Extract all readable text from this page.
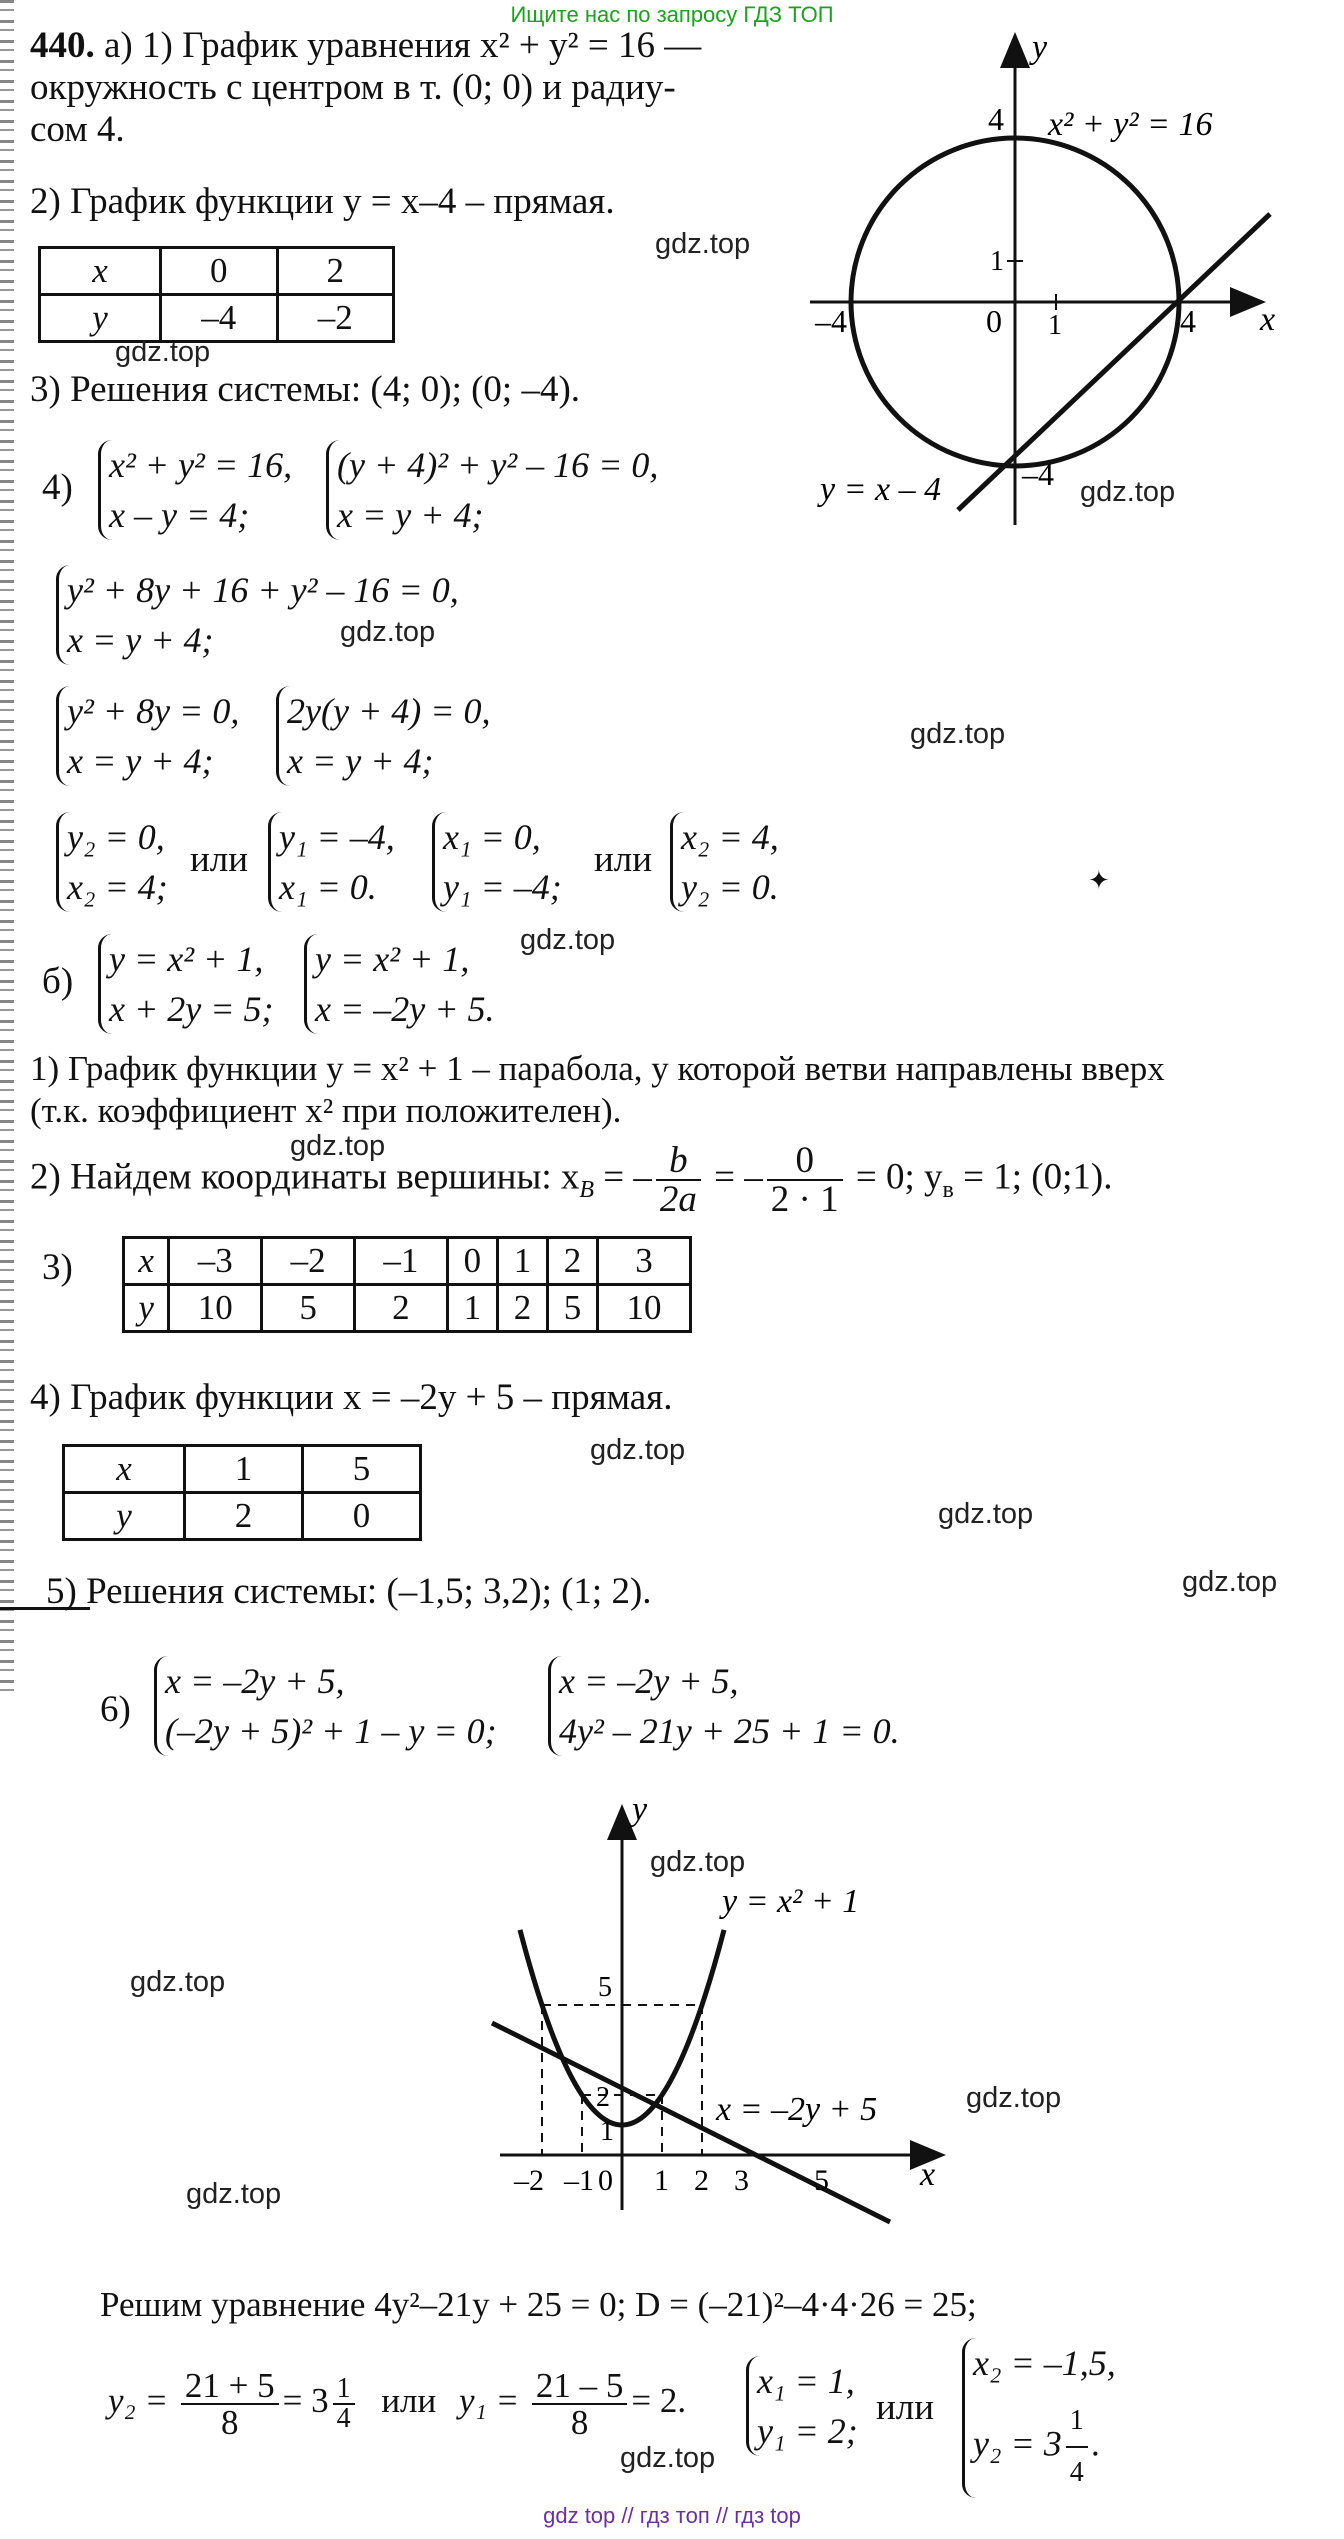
Ищите нас по запросу ГДЗ ТОП
440. а) 1) График уравнения x² + y² = 16 —
окружность с центром в т. (0; 0) и радиу-
сом 4.
2) График функции y = x–4 – прямая.
x	0	2
y	–4	–2
3) Решения системы: (4; 0); (0; –4).
4)
x² + y² = 16,
x – y = 4;
(y + 4)² + y² – 16 = 0,
x = y + 4;
y² + 8y + 16 + y² – 16 = 0,
x = y + 4;
y² + 8y = 0,
x = y + 4;
2y(y + 4) = 0,
x = y + 4;
y₂ = 0,
x₂ = 4;
или
y₁ = –4,
x₁ = 0.
x₁ = 0,
y₁ = –4;
или
x₂ = 4,
y₂ = 0.
б)
y = x² + 1,
x + 2y = 5;
y = x² + 1,
x = –2y + 5.
1) График функции y = x² + 1 – парабола, у которой ветви направлены вверх
(т.к. коэффициент x² при положителен).
2) Найдем координаты вершины: $x_B$ = – $\frac{b}{2a}$ = – $\frac{0}{2 \cdot 1} = 0$; $y_в = 1$; (0;1).
3) x	–3	–2	–1	0	1	2	3
y	10	5	2	1	2	5	10
4) График функции x = –2y + 5 – прямая.
x	1	5
y	2	0
5) Решения системы: (–1,5; 3,2); (1; 2).
6)
x = –2y + 5,
(–2y + 5)² + 1 – y = 0;
x = –2y + 5,
4y² – 21y + 25 + 1 = 0.
Решим уравнение 4y²–21y + 25 = 0; D = (–21)²–4·4·26 = 25;
$y_2 = \frac{21 + 5}{8} = 3 \frac{1}{4}$ или $y_1 = \frac{21 - 5}{8} = 2$. x₁ = 1,
y₁ = 2;
или
x₂ = –1,5,
$y_2 = 3 \frac{1}{4}$ .
x
y
x² + y² = 16
y = x – 4
–4	4
1
0
4
1
–4
x
y
y = x² + 1
x = –2y + 5
–2 –1 0 1 2 3 5
1
2
5
gdz.top
gdz.top
gdz.top
gdz.top
gdz.top
gdz.top
gdz.top
gdz.top
gdz.top
gdz.top
gdz.top
gdz.top
gdz.top
gdz.top
gdz.top
✦
gdz top // гдз топ // гдз top
